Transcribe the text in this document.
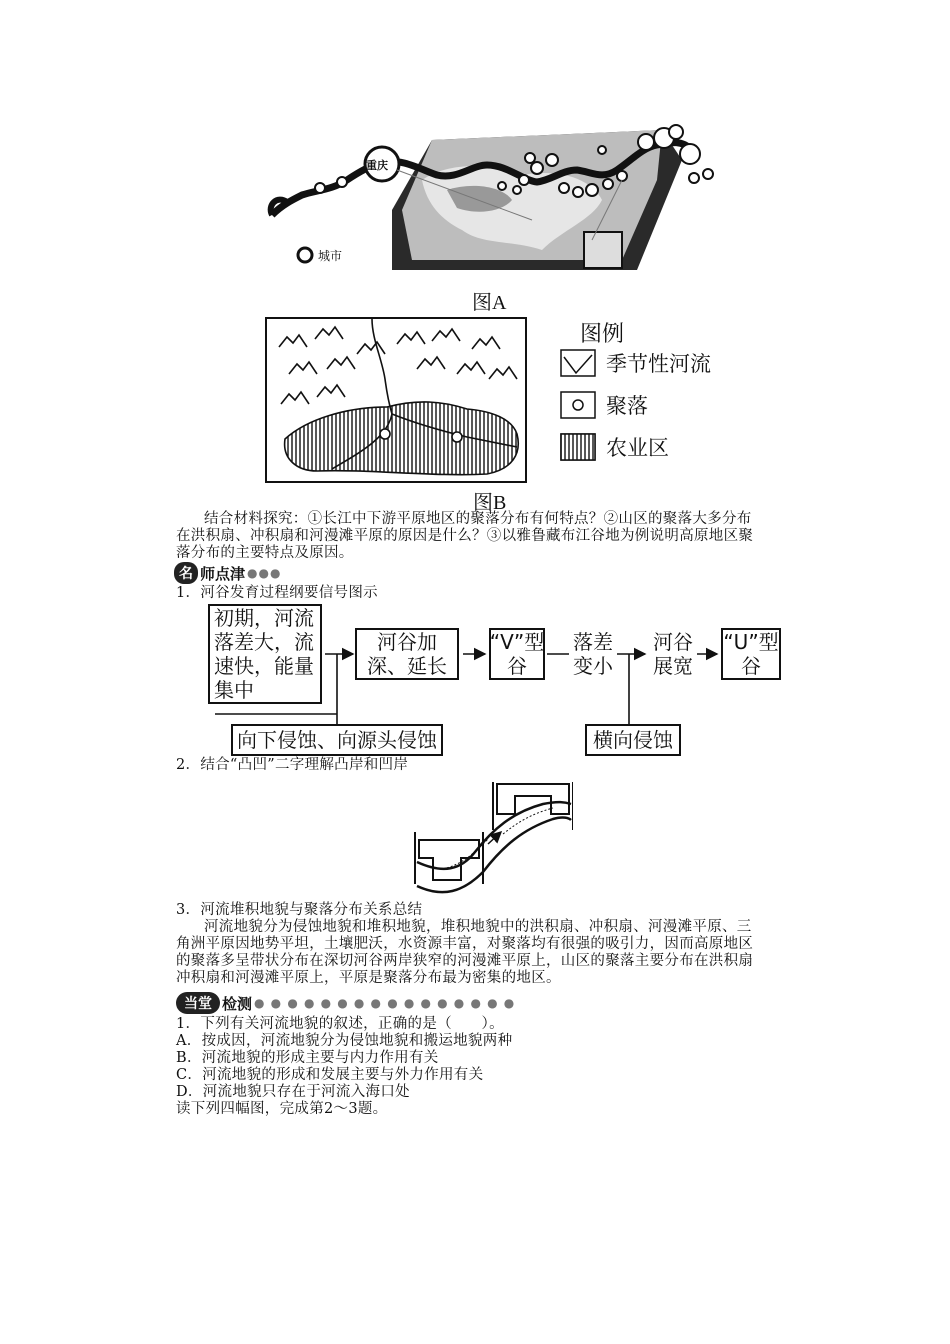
重庆
城市
图A
图例
季节性河流
聚落
农业区
图B
结合材料探究：①长江中下游平原地区的聚落分布有何特点？②山区的聚落大多分布
在洪积扇、冲积扇和河漫滩平原的原因是什么？③以雅鲁藏布江谷地为例说明高原地区聚
落分布的主要特点及原因。
名 师点津 ●●●
1．河谷发育过程纲要信号图示
初期，河流落差大，流速快，能量集中
河谷加深、延长
“V”型谷
落差变小
河谷展宽
“U”型谷
向下侵蚀、向源头侵蚀	横向侵蚀
2．结合“凸凹”二字理解凸岸和凹岸
3．河流堆积地貌与聚落分布关系总结
河流地貌分为侵蚀地貌和堆积地貌，堆积地貌中的洪积扇、冲积扇、河漫滩平原、三
角洲平原因地势平坦，土壤肥沃，水资源丰富，对聚落均有很强的吸引力，因而高原地区
的聚落多呈带状分布在深切河谷两岸狭窄的河漫滩平原上，山区的聚落主要分布在洪积扇
冲积扇和河漫滩平原上，平原是聚落分布最为密集的地区。
当堂 检测 ● ● ● ● ● ● ● ● ● ● ● ● ● ● ● ●
1．下列有关河流地貌的叙述，正确的是（　　）。
A．按成因，河流地貌分为侵蚀地貌和搬运地貌两种
B．河流地貌的形成主要与内力作用有关
C．河流地貌的形成和发展主要与外力作用有关
D．河流地貌只存在于河流入海口处
读下列四幅图，完成第2～3题。
